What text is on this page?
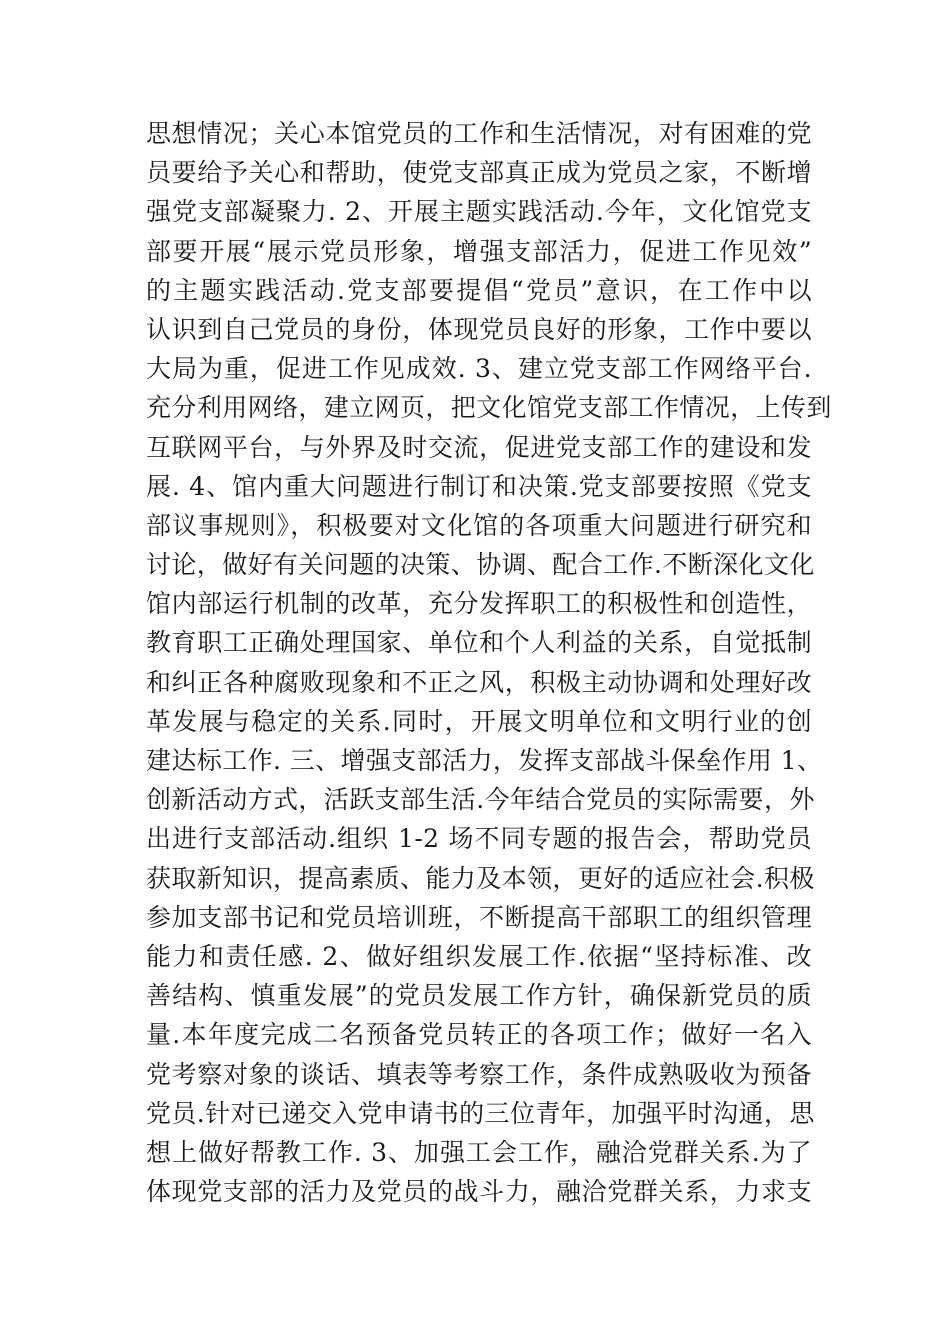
思想情况；关心本馆党员的工作和生活情况，对有困难的党
员要给予关心和帮助，使党支部真正成为党员之家，不断增
强党支部凝聚力. 2、开展主题实践活动.今年，文化馆党支
部要开展“展示党员形象，增强支部活力，促进工作见效”
的主题实践活动.党支部要提倡“党员”意识，在工作中以
认识到自己党员的身份，体现党员良好的形象，工作中要以
大局为重，促进工作见成效. 3、建立党支部工作网络平台.
充分利用网络，建立网页，把文化馆党支部工作情况，上传到
互联网平台，与外界及时交流，促进党支部工作的建设和发
展. 4、馆内重大问题进行制订和决策.党支部要按照《党支
部议事规则》，积极要对文化馆的各项重大问题进行研究和
讨论，做好有关问题的决策、协调、配合工作.不断深化文化
馆内部运行机制的改革，充分发挥职工的积极性和创造性，
教育职工正确处理国家、单位和个人利益的关系，自觉抵制
和纠正各种腐败现象和不正之风，积极主动协调和处理好改
革发展与稳定的关系.同时，开展文明单位和文明行业的创
建达标工作. 三、增强支部活力，发挥支部战斗保垒作用 1、
创新活动方式，活跃支部生活.今年结合党员的实际需要，外
出进行支部活动.组织 1-2 场不同专题的报告会，帮助党员
获取新知识，提高素质、能力及本领，更好的适应社会.积极
参加支部书记和党员培训班，不断提高干部职工的组织管理
能力和责任感. 2、做好组织发展工作.依据“坚持标准、改
善结构、慎重发展”的党员发展工作方针，确保新党员的质
量.本年度完成二名预备党员转正的各项工作；做好一名入
党考察对象的谈话、填表等考察工作，条件成熟吸收为预备
党员.针对已递交入党申请书的三位青年，加强平时沟通，思
想上做好帮教工作. 3、加强工会工作，融洽党群关系.为了
体现党支部的活力及党员的战斗力，融洽党群关系，力求支
